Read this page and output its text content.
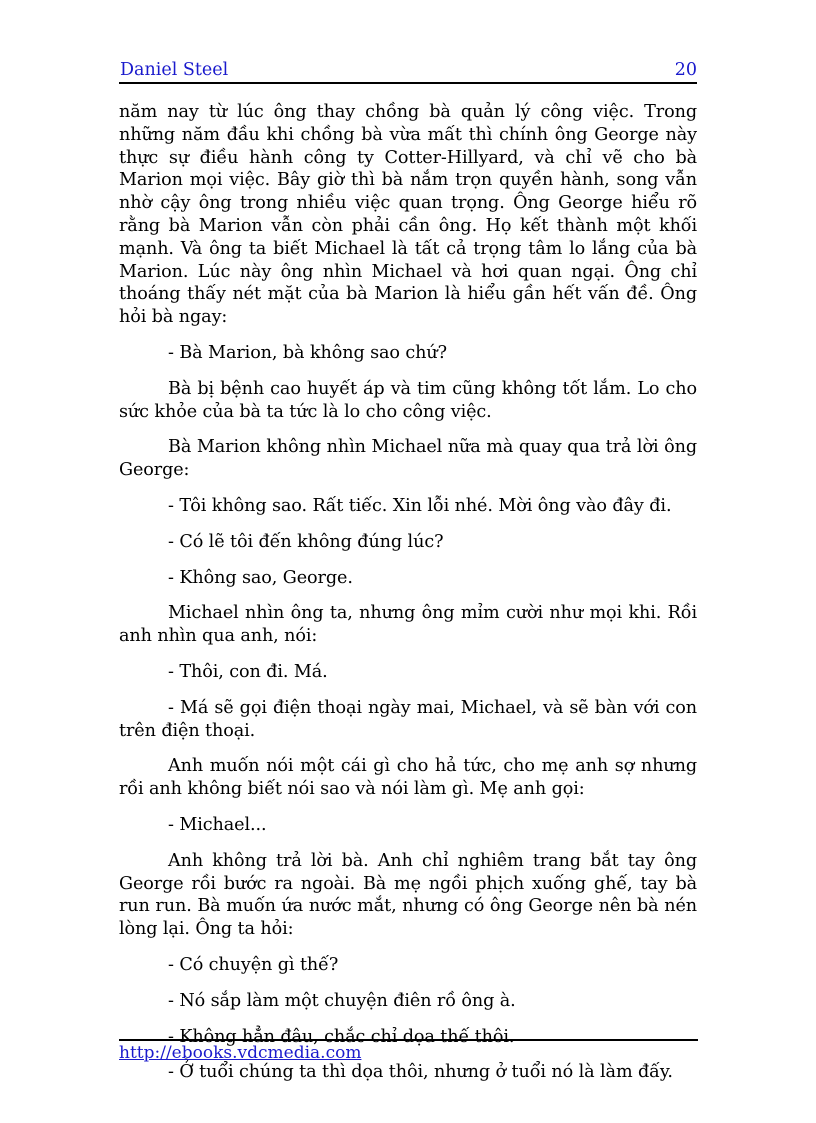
Daniel Steel	20

năm nay từ lúc ông thay chồng bà quản lý công việc. Trong những năm đầu khi chồng bà vừa mất thì chính ông George này thực sự điều hành công ty Cotter-Hillyard, và chỉ vẽ cho bà Marion mọi việc. Bây giờ thì bà nắm trọn quyền hành, song vẫn nhờ cậy ông trong nhiều việc quan trọng. Ông George hiểu rõ rằng bà Marion vẫn còn phải cần ông. Họ kết thành một khối mạnh. Và ông ta biết Michael là tất cả trọng tâm lo lắng của bà Marion. Lúc này ông nhìn Michael và hơi quan ngại. Ông chỉ thoáng thấy nét mặt của bà Marion là hiểu gần hết vấn đề. Ông hỏi bà ngay:

- Bà Marion, bà không sao chứ?

Bà bị bệnh cao huyết áp và tim cũng không tốt lắm. Lo cho sức khỏe của bà ta tức là lo cho công việc.

Bà Marion không nhìn Michael nữa mà quay qua trả lời ông George:

- Tôi không sao. Rất tiếc. Xin lỗi nhé. Mời ông vào đây đi.

- Có lẽ tôi đến không đúng lúc?

- Không sao, George.

Michael nhìn ông ta, nhưng ông mỉm cười như mọi khi. Rồi anh nhìn qua anh, nói:

- Thôi, con đi. Má.

- Má sẽ gọi điện thoại ngày mai, Michael, và sẽ bàn với con trên điện thoại.

Anh muốn nói một cái gì cho hả tức, cho mẹ anh sợ nhưng rồi anh không biết nói sao và nói làm gì. Mẹ anh gọi:

- Michael...

Anh không trả lời bà. Anh chỉ nghiêm trang bắt tay ông George rồi bước ra ngoài. Bà mẹ ngồi phịch xuống ghế, tay bà run run. Bà muốn ứa nước mắt, nhưng có ông George nên bà nén lòng lại. Ông ta hỏi:

- Có chuyện gì thế?

- Nó sắp làm một chuyện điên rồ ông à.

- Không hẳn đâu, chắc chỉ dọa thế thôi.

- Ở tuổi chúng ta thì dọa thôi, nhưng ở tuổi nó là làm đấy.

http://ebooks.vdcmedia.com
